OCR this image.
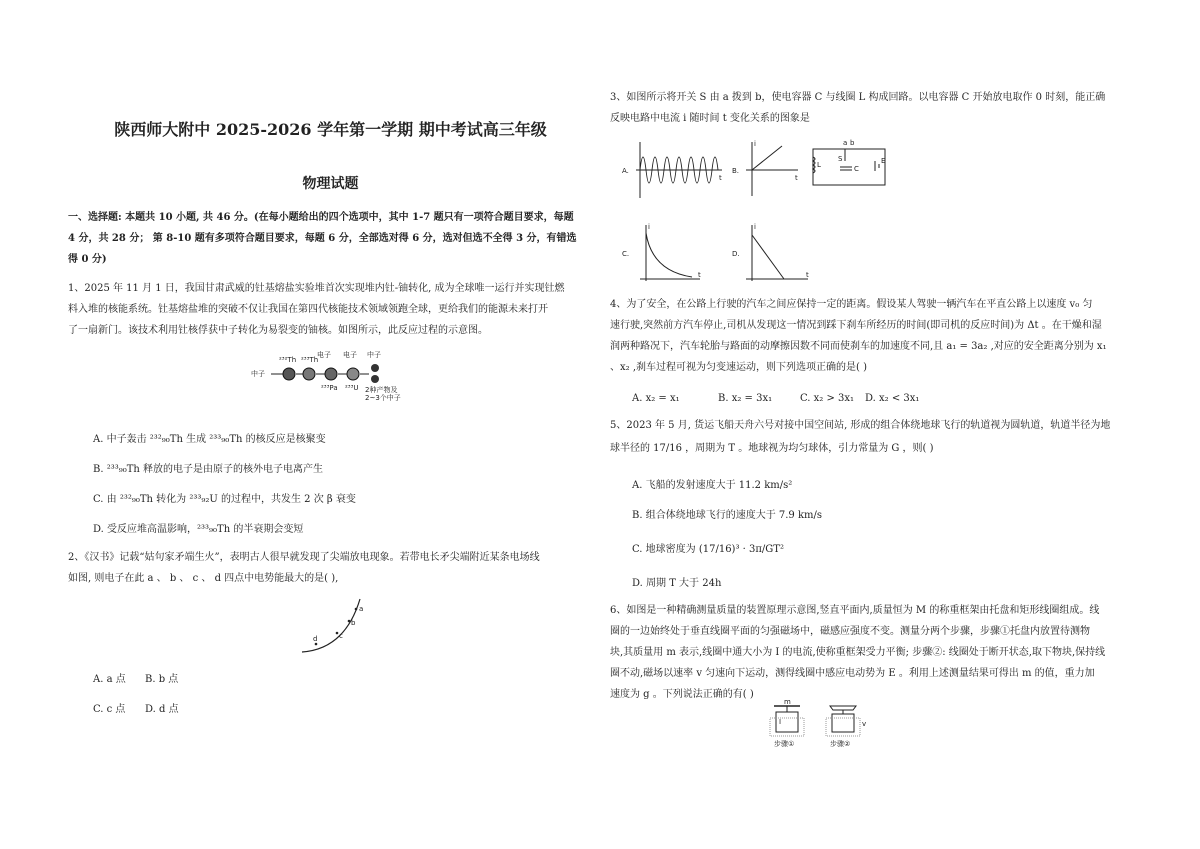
陕西师大附中 2025-2026 学年第一学期 期中考试高三年级
物理试题
一、选择题: 本题共 10 小题, 共 46 分。(在每小题给出的四个选项中，其中 1-7 题只有一项符合题目要求，每题
4 分，共 28 分； 第 8-10 题有多项符合题目要求，每题 6 分，全部选对得 6 分，选对但选不全得 3 分，有错选
得 0 分)
1、2025 年 11 月 1 日，我国甘肃武威的钍基熔盐实验堆首次实现堆内钍-铀转化, 成为全球唯一运行并实现钍燃
料入堆的核能系统。钍基熔盐堆的突破不仅让我国在第四代核能技术领域领跑全球，更给我们的能源未来打开
了一扇新门。该技术利用钍核俘获中子转化为易裂变的铀核。如图所示，此反应过程的示意图。
中子
²³²Th ²³³Th
电子
²³³Pa
电子
²³³U
中子
2种产物及
2~3个中子
A. 中子轰击 ²³²₉₀Th 生成 ²³³₉₀Th 的核反应是核聚变
B. ²³³₉₀Th 释放的电子是由原子的核外电子电离产生
C. 由 ²³²₉₀Th 转化为 ²³³₉₂U 的过程中，共发生 2 次 β 衰变
D. 受反应堆高温影响，²³³₉₀Th 的半衰期会变短
2、《汉书》记载“姑句家矛端生火”，表明古人很早就发现了尖端放电现象。若带电长矛尖端附近某条电场线
如图, 则电子在此 a 、 b 、 c 、 d 四点中电势能最大的是( ),
a
b
c
d
A. a 点 B. b 点
C. c 点 D. d 点
3、如图所示将开关 S 由 a 拨到 b，使电容器 C 与线圈 L 构成回路。以电容器 C 开始放电取作 0 时刻，能正确
反映电路中电流 i 随时间 t 变化关系的图象是
A.
t
B.
i
t
L
S
a b
C
E
C.
i
t
D.
i
t
4、为了安全，在公路上行驶的汽车之间应保持一定的距离。假设某人驾驶一辆汽车在平直公路上以速度 v₀ 匀
速行驶,突然前方汽车停止,司机从发现这一情况到踩下刹车所经历的时间(即司机的反应时间)为 Δt 。在干燥和湿
润两种路况下，汽车轮胎与路面的动摩擦因数不同而使刹车的加速度不同,且 a₁ = 3a₂ ,对应的安全距离分别为 x₁
、x₂ ,刹车过程可视为匀变速运动，则下列选项正确的是( )
A. x₂ = x₁	B. x₂ = 3x₁	C. x₂ > 3x₁ D. x₂ < 3x₁
5、2023 年 5 月, 货运飞船天舟六号对接中国空间站, 形成的组合体绕地球飞行的轨道视为圆轨道，轨道半径为地
球半径的 17/16 ，周期为 T 。地球视为均匀球体，引力常量为 G ，则( )
A. 飞船的发射速度大于 11.2 km/s²
B. 组合体绕地球飞行的速度大于 7.9 km/s
C. 地球密度为 (17/16)³ · 3π/GT²
D. 周期 T 大于 24h
6、如图是一种精确测量质量的装置原理示意图,竖直平面内,质量恒为 M 的称重框架由托盘和矩形线圈组成。线
圈的一边始终处于垂直线圈平面的匀强磁场中，磁感应强度不变。测量分两个步骤，步骤①托盘内放置待测物
块,其质量用 m 表示,线圈中通大小为 I 的电流,使称重框架受力平衡; 步骤②: 线圈处于断开状态,取下物块,保持线
圈不动,磁场以速率 v 匀速向下运动，测得线圈中感应电动势为 E 。利用上述测量结果可得出 m 的值，重力加
速度为 g 。下列说法正确的有( )
m
I
步骤①
v
步骤②
